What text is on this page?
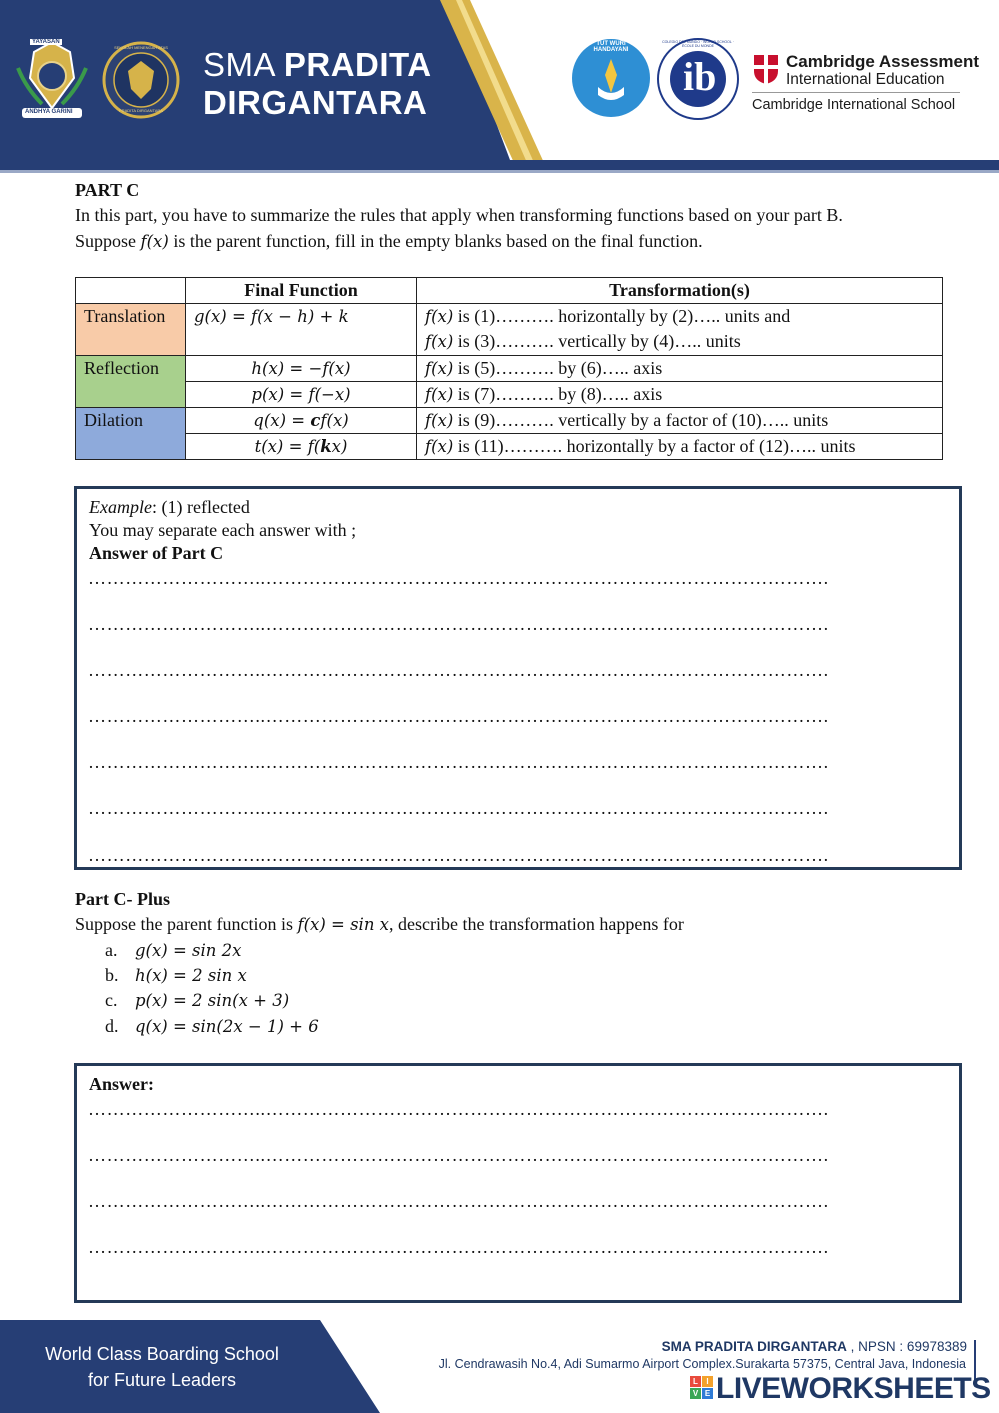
YAYASAN
ANDHYA GARINI
SEKOLAH MENENGAH ATAS
PRADITA DIRGANTARA
SMA PRADITA
DIRGANTARA
TUT WURI HANDAYANI
ib
COLEGIO DEL MUNDO · WORLD SCHOOL · ÉCOLE DU MONDE
Cambridge Assessment
International Education
Cambridge International School
PART C
In this part, you have to summarize the rules that apply when transforming functions based on your part B.
Suppose f(x) is the parent function, fill in the empty blanks based on the final function.
	Final Function	Transformation(s)
Translation	g(x) = f(x − h) + k	f(x) is (1)………. horizontally by (2)….. units and
f(x) is (3)………. vertically by (4)….. units

Reflection	h(x) = −f(x)	f(x) is (5)………. by (6)….. axis
	p(x) = f(−x)	f(x) is (7)………. by (8)….. axis
Dilation	q(x) = cf(x)	f(x) is (9)………. vertically by a factor of (10)….. units
	t(x) = f(kx)	f(x) is (11)………. horizontally by a factor of (12)….. units
Example: (1) reflected
You may separate each answer with ;
Answer of Part C
………………………..……………………………………………………………………………….
………………………..……………………………………………………………………………….
………………………..……………………………………………………………………………….
………………………..……………………………………………………………………………….
………………………..……………………………………………………………………………….
………………………..……………………………………………………………………………….
………………………..……………………………………………………………………………….
Part C- Plus
Suppose the parent function is f(x) = sin x, describe the transformation happens for
a. g(x) = sin 2x
b. h(x) = 2 sin x
c. p(x) = 2 sin(x + 3)
d. q(x) = sin(2x − 1) + 6
Answer:
………………………..……………………………………………………………………………….
………………………..……………………………………………………………………………….
………………………..……………………………………………………………………………….
………………………..……………………………………………………………………………….
World Class Boarding School
for Future Leaders
SMA PRADITA DIRGANTARA , NPSN : 69978389
Jl. Cendrawasih No.4, Adi Sumarmo Airport Complex.Surakarta 57375, Central Java, Indonesia
L	I
V E LIVEWORKSHEETS
